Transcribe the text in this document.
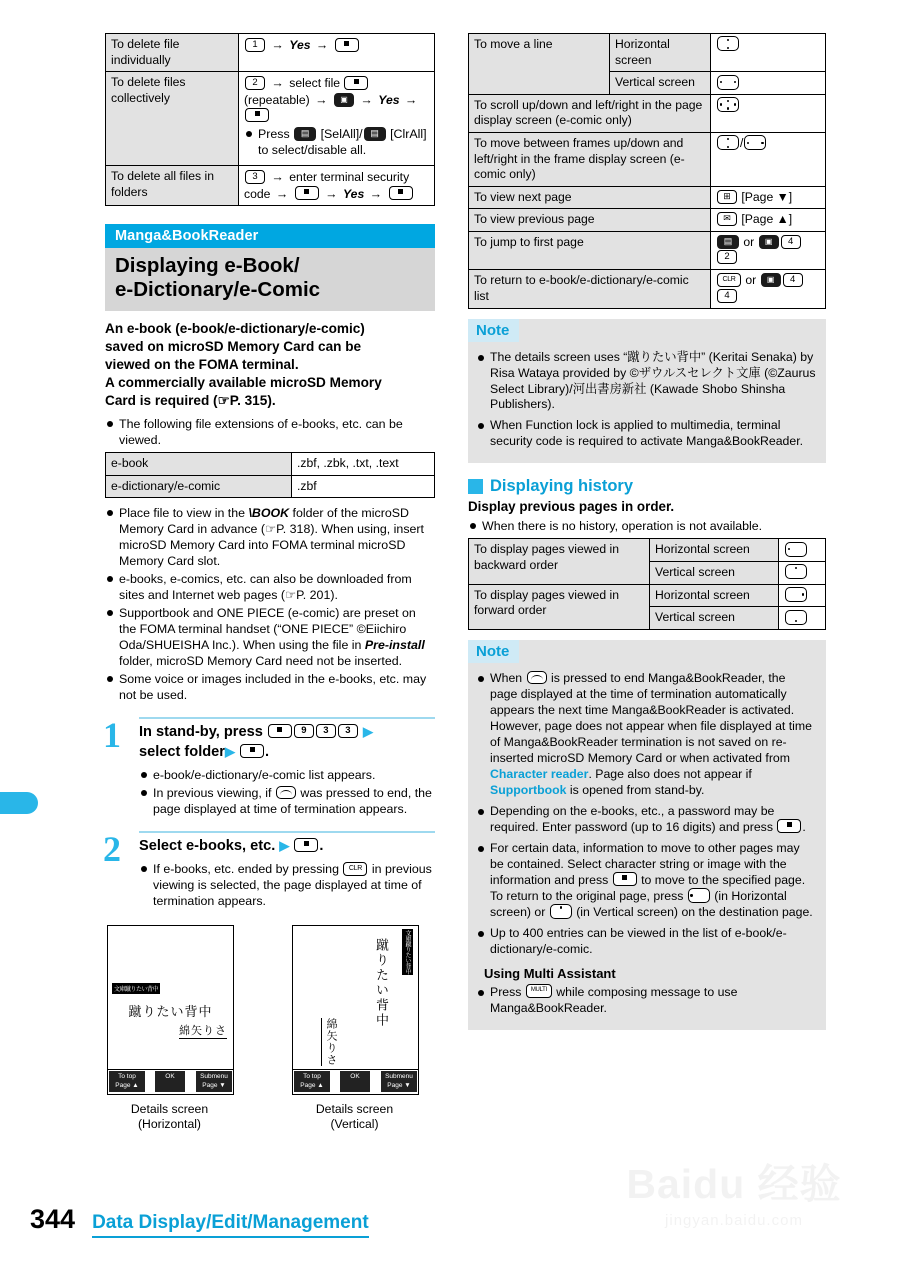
To delete file individually	1 → Yes →
To delete files collectively	2 → select file
(repeatable) → ▣ → Yes →

Press ▤ [SelAll]/ ▤ [ClrAll] to select/disable all.

To delete all files in folders	3 → enter terminal security
code → → Yes →
Manga&BookReader
Displaying e-Book/
e-Dictionary/e-Comic
An e-book (e-book/e-dictionary/e-comic)
saved on microSD Memory Card can be
viewed on the FOMA terminal.
A commercially available microSD Memory
Card is required (☞P. 315).
The following file extensions of e-books, etc. can be viewed.
e-book	.zbf, .zbk, .txt, .text
e-dictionary/e-comic	.zbf
Place file to view in the \BOOK folder of the microSD Memory Card in advance (☞P. 318). When using, insert microSD Memory Card into FOMA terminal microSD Memory Card slot.
e-books, e-comics, etc. can also be downloaded from sites and Internet web pages (☞P. 201).
Supportbook and ONE PIECE (e-comic) are preset on the FOMA terminal handset (“ONE PIECE” ©Eiichiro Oda/SHUEISHA Inc.). When using the file in Pre-install folder, microSD Memory Card need not be inserted.
Some voice or images included in the e-books, etc. may not be used.
1 In stand-by, press	9 3 3 ▶
select folder▶ .
e-book/e-dictionary/e-comic list appears.
In previous viewing, if was pressed to end, the page displayed at time of termination appears.
2 Select e-books, etc. ▶ .
If e-books, etc. ended by pressing CLR in previous viewing is selected, the page displayed at time of termination appears.
文庫蹴りたい背中
蹴りたい背中
綿矢りさ
To top
Page ▲
OK	Submenu
Page ▼
Details screen
(Horizontal)
文庫蹴りたい背中
蹴りたい背中
綿矢りさ
To top
Page ▲
OK	Submenu
Page ▼
Details screen
(Vertical)
To move a line	Horizontal screen	

	Vertical screen	

To scroll up/down and left/right in the page display screen (e-comic only)		

To move between frames up/down and left/right in the frame display screen (e-comic only)		/

To view next page		⊞ [Page ▼]
To view previous page		✉ [Page ▲]
To jump to first page		▤ or ▣ 42
To return to e-book/e-dictionary/e-comic list		CLR or ▣ 44
Note
The details screen uses “蹴りたい背中” (Keritai Senaka) by Risa Wataya provided by ©ザウルスセレクト文庫 (©Zaurus Select Library)/河出書房新社 (Kawade Shobo Shinsha Publishers).
When Function lock is applied to multimedia, terminal security code is required to activate Manga&BookReader.
Displaying history
Display previous pages in order.
When there is no history, operation is not available.
To display pages viewed in backward order	Horizontal screen	

	Vertical screen	

To display pages viewed in forward order	Horizontal screen	

	Vertical screen	
Note
When is pressed to end Manga&BookReader, the page displayed at the time of termination automatically appears the next time Manga&BookReader is activated. However, page does not appear when file displayed at time of Manga&BookReader termination is not saved on re-inserted microSD Memory Card or when activated from Character reader. Page also does not appear if Supportbook is opened from stand-by.
Depending on the e-books, etc., a password may be required. Enter password (up to 16 digits) and press .
For certain data, information to move to other pages may be contained. Select character string or image with the information and press	to move to the specified page. To return to the original page, press	(in Horizontal screen) or	(in Vertical screen) on the destination page.
Up to 400 entries can be viewed in the list of e-book/e-dictionary/e-comic.
Using Multi Assistant
Press MULTI while composing message to use Manga&BookReader.
344 Data Display/Edit/Management
Baidu 经验
jingyan.baidu.com
